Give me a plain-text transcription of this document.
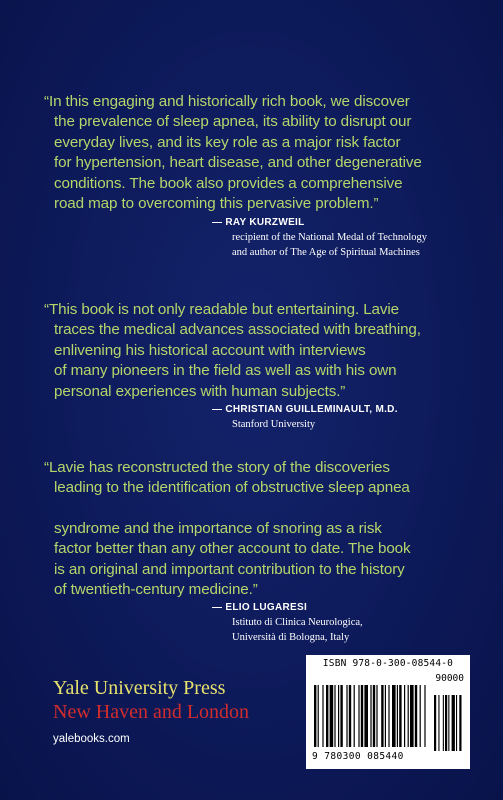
“In this engaging and historically rich book, we discover
the prevalence of sleep apnea, its ability to disrupt our
everyday lives, and its key role as a major risk factor
for hypertension, heart disease, and other degenerative
conditions. The book also provides a comprehensive
road map to overcoming this pervasive problem.”
— RAY KURZWEIL
recipient of the National Medal of Technology
and author of The Age of Spiritual Machines
“This book is not only readable but entertaining. Lavie
traces the medical advances associated with breathing,
enlivening his historical account with interviews
of many pioneers in the field as well as with his own
personal experiences with human subjects.”
— CHRISTIAN GUILLEMINAULT, M.D.
Stanford University
“Lavie has reconstructed the story of the discoveries
leading to the identification of obstructive sleep apnea
syndrome and the importance of snoring as a risk
factor better than any other account to date. The book
is an original and important contribution to the history
of twentieth-century medicine.”
— ELIO LUGARESI
Istituto di Clinica Neurologica,
Università di Bologna, Italy
Yale University Press
New Haven and London
yalebooks.com
ISBN 978-0-300-08544-0
90000
9 780300 085440
